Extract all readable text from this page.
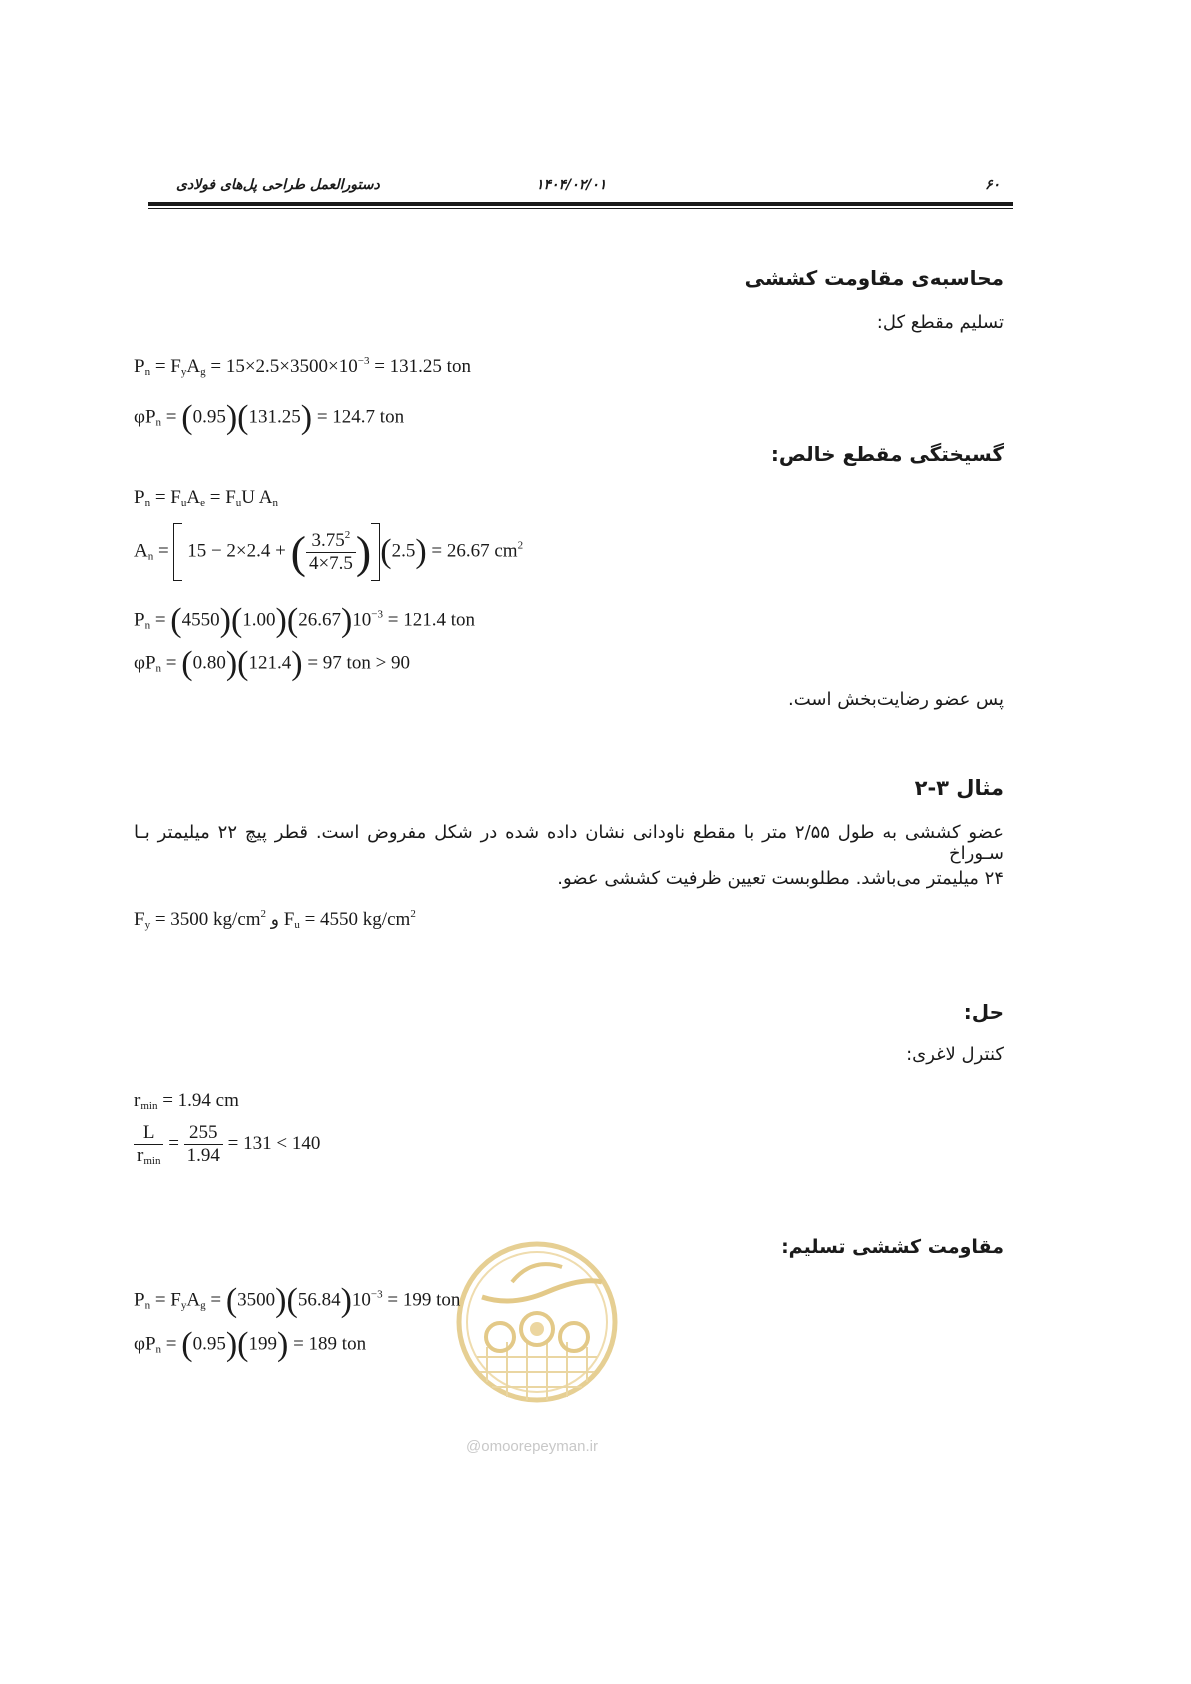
۶۰
۱۴۰۴/۰۲/۰۱
دستورالعمل طراحی پل‌های فولادی
محاسبه‌ی مقاومت کششی
تسلیم مقطع کل:
$P_n = F_yA_g = 15\times 2.5\times 3500\times 10^{-3} = 131.25$ ton
$\varphi P_n = (0.95)(131.25) = 124.7$ ton
گسیختگی مقطع خالص:
$P_n = F_uA_e = F_uU$ $A_n$
$A_n = 15 - 2\times 2.4$ + ( $\frac{3.75^2}{4\times 7.5}$ ) (2.5) = 26.67 $cm^2$
$P_n = (4550)(1.00)(26.67)10^{-3} = 121.4$ ton
$\varphi P_n = (0.80)(121.4) = 97$ ton > 90
پس عضو رضایت‌بخش است.
مثال ۳-۲
عضو کششی به طول ۲/۵۵ متر با مقطع ناودانی نشان داده شده در شکل مفروض است. قطر پیچ ۲۲ میلیمتر بـا سـوراخ
۲۴ میلیمتر می‌باشد. مطلوبست تعیین ظرفیت کششی عضو.
$F_y = 3500$ $kg/cm^2$ و $F_u = 4550$ $kg/cm^2$
حل:
کنترل لاغری:
$r_{min} = 1.94$ cm
$\frac{L}{r_{min}} = \frac{255}{1.94} = 131 < 140$
مقاومت کششی تسلیم:
@omoorepeyman.ir
$P_n = F_yA_g = (3500)(56.84)10^{-3} = 199$ ton
$\varphi P_n = (0.95)(199) = 189$ ton
